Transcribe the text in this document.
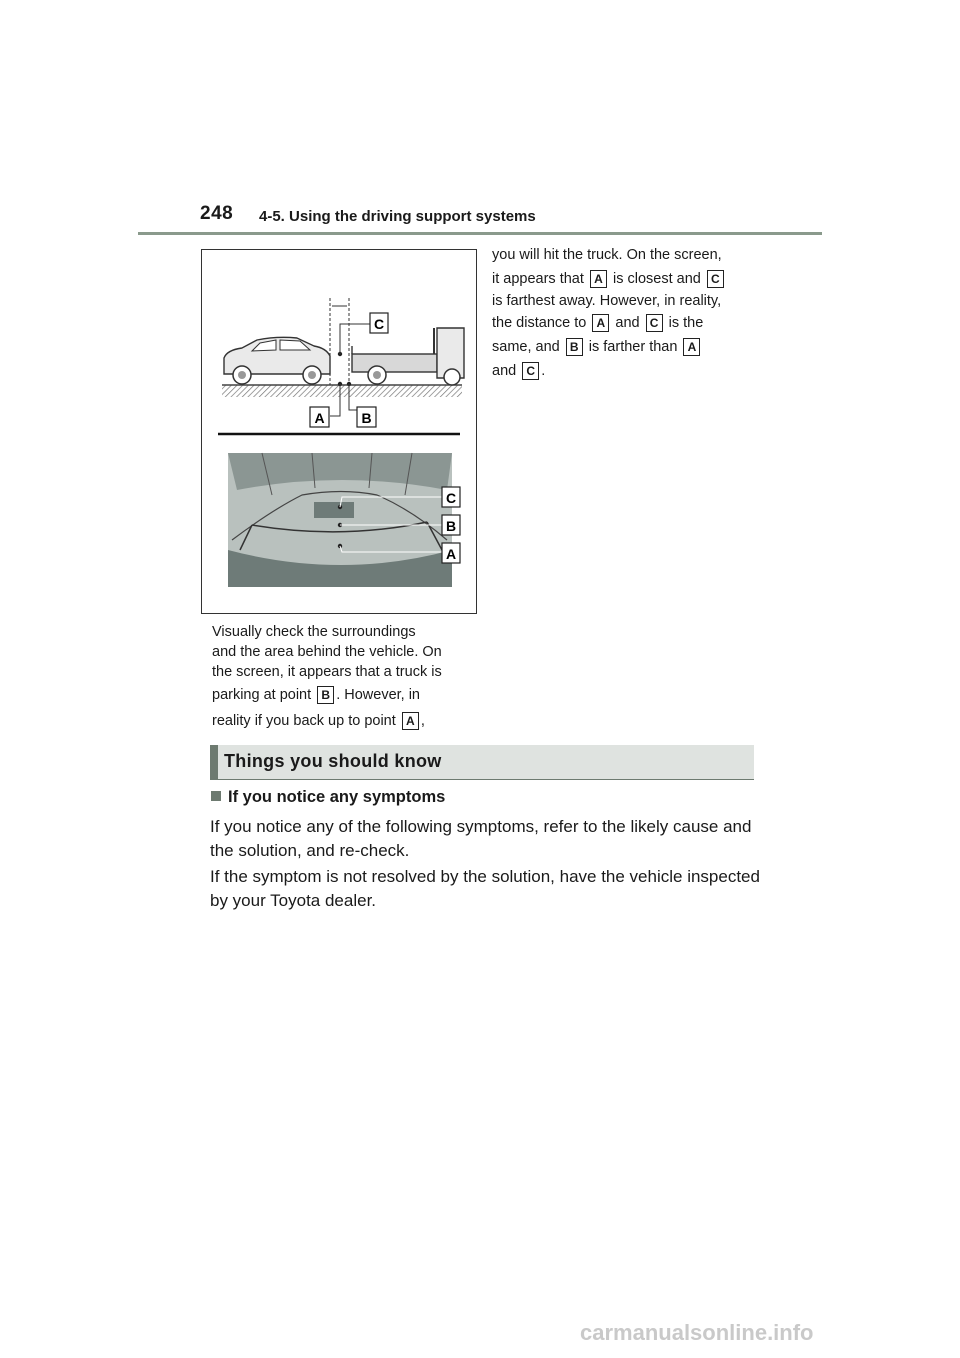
248 4-5. Using the driving support systems
C
A	B
C
B
A
Visually check the surroundings
and the area behind the vehicle. On
the screen, it appears that a truck is
parking at point B . However, in
reality if you back up to point A ,
you will hit the truck. On the screen,
it appears that A is closest and C
is farthest away. However, in reality,
the distance to A and C is the
same, and B is farther than A
and C .
Things you should know
If you notice any symptoms
If you notice any of the following symptoms, refer to the likely cause and the solution, and re-check.
If the symptom is not resolved by the solution, have the vehicle inspected by your Toyota dealer.
carmanualsonline.info
